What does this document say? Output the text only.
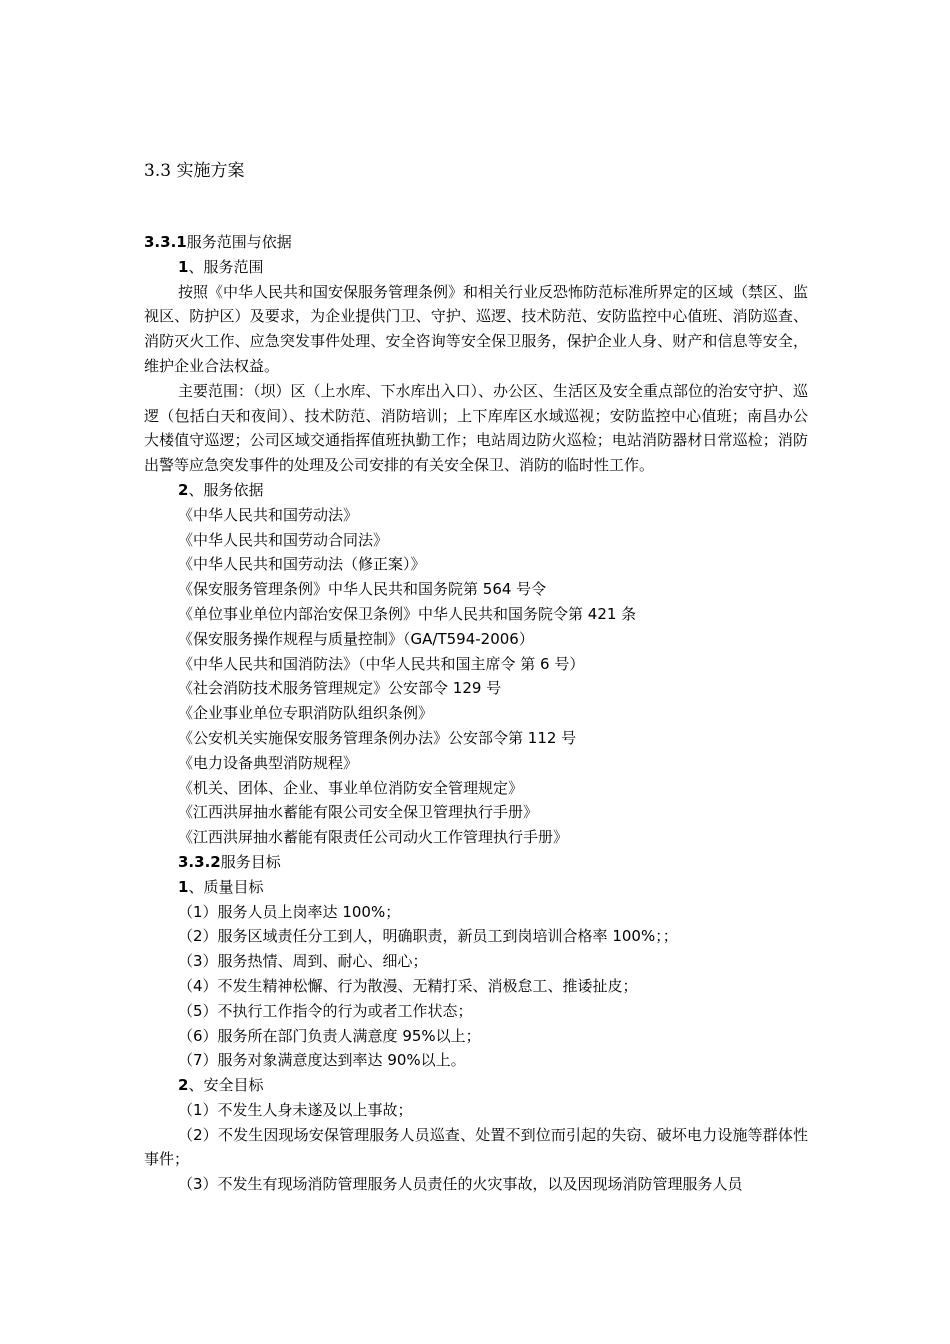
3.3 实施方案

3.3.1服务范围与依据

1、服务范围

按照《中华人民共和国安保服务管理条例》和相关行业反恐怖防范标准所界定的区域（禁区、监视区、防护区）及要求，为企业提供门卫、守护、巡逻、技术防范、安防监控中心值班、消防巡查、消防灭火工作、应急突发事件处理、安全咨询等安全保卫服务，保护企业人身、财产和信息等安全，维护企业合法权益。

主要范围：（坝）区（上水库、下水库出入口）、办公区、生活区及安全重点部位的治安守护、巡逻（包括白天和夜间）、技术防范、消防培训；上下库库区水域巡视；安防监控中心值班；南昌办公大楼值守巡逻；公司区域交通指挥值班执勤工作；电站周边防火巡检；电站消防器材日常巡检；消防出警等应急突发事件的处理及公司安排的有关安全保卫、消防的临时性工作。

2、服务依据

《中华人民共和国劳动法》

《中华人民共和国劳动合同法》

《中华人民共和国劳动法（修正案）》

《保安服务管理条例》中华人民共和国务院第 564 号令

《单位事业单位内部治安保卫条例》中华人民共和国务院令第 421 条

《保安服务操作规程与质量控制》（GA/T594-2006）

《中华人民共和国消防法》（中华人民共和国主席令 第 6 号）

《社会消防技术服务管理规定》公安部令 129 号

《企业事业单位专职消防队组织条例》

《公安机关实施保安服务管理条例办法》公安部令第 112 号

《电力设备典型消防规程》

《机关、团体、企业、事业单位消防安全管理规定》

《江西洪屏抽水蓄能有限公司安全保卫管理执行手册》

《江西洪屏抽水蓄能有限责任公司动火工作管理执行手册》

3.3.2服务目标

1、质量目标

（1）服务人员上岗率达 100%；

（2）服务区域责任分工到人，明确职责，新员工到岗培训合格率 100%；；

（3）服务热情、周到、耐心、细心；

（4）不发生精神松懈、行为散漫、无精打采、消极怠工、推诿扯皮；

（5）不执行工作指令的行为或者工作状态；

（6）服务所在部门负责人满意度 95%以上；

（7）服务对象满意度达到率达 90%以上。

2、安全目标

（1）不发生人身未遂及以上事故；

（2）不发生因现场安保管理服务人员巡查、处置不到位而引起的失窃、破坏电力设施等群体性事件；

（3）不发生有现场消防管理服务人员责任的火灾事故，以及因现场消防管理服务人员
